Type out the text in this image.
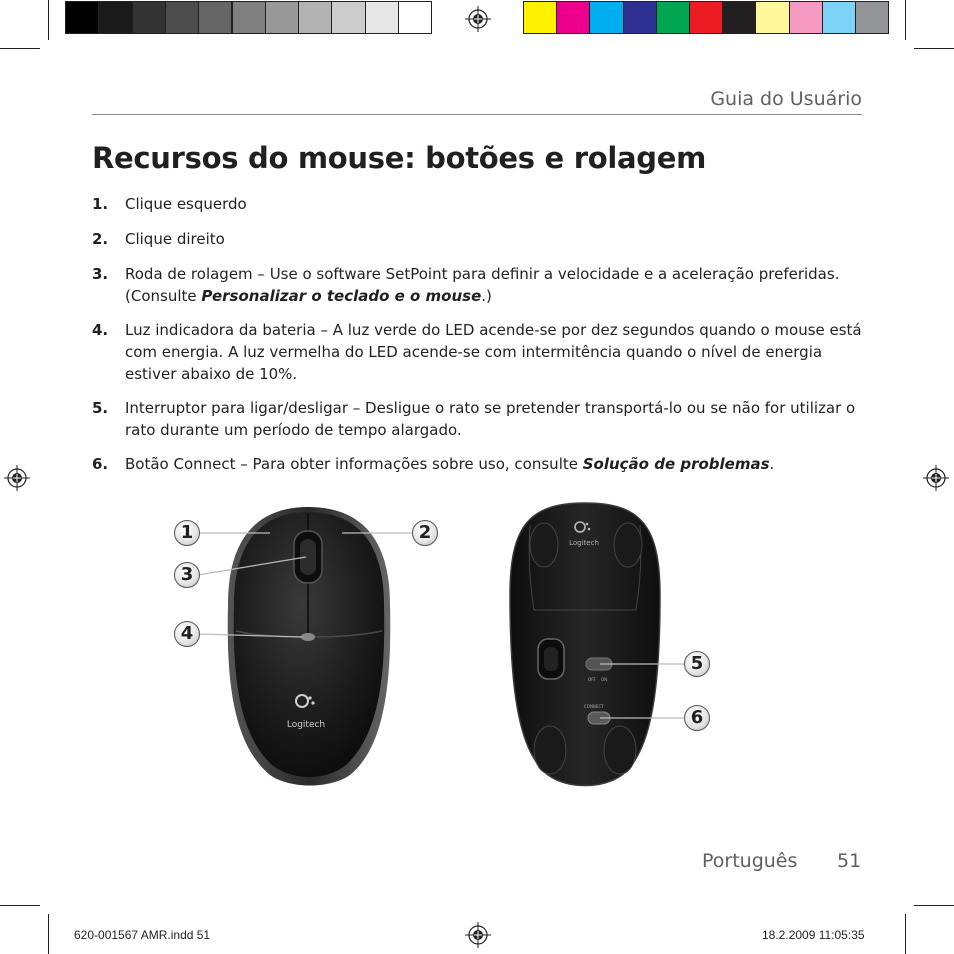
Guia do Usuário
Recursos do mouse: botões e rolagem
1. Clique esquerdo
2. Clique direito
3. Roda de rolagem – Use o software SetPoint para definir a velocidade e a aceleração preferidas. (Consulte Personalizar o teclado e o mouse.)
4. Luz indicadora da bateria – A luz verde do LED acende-se por dez segundos quando o mouse está com energia. A luz vermelha do LED acende-se com intermitência quando o nível de energia estiver abaixo de 10%.
5. Interruptor para ligar/desligar – Desligue o rato se pretender transportá-lo ou se não for utilizar o rato durante um período de tempo alargado.
6. Botão Connect – Para obter informações sobre uso, consulte Solução de problemas.
Logitech
Logitech
OFF ON
CONNECT
1	2
3
4
5
6
Português 51
620-001567 AMR.indd 51	18.2.2009 11:05:35
